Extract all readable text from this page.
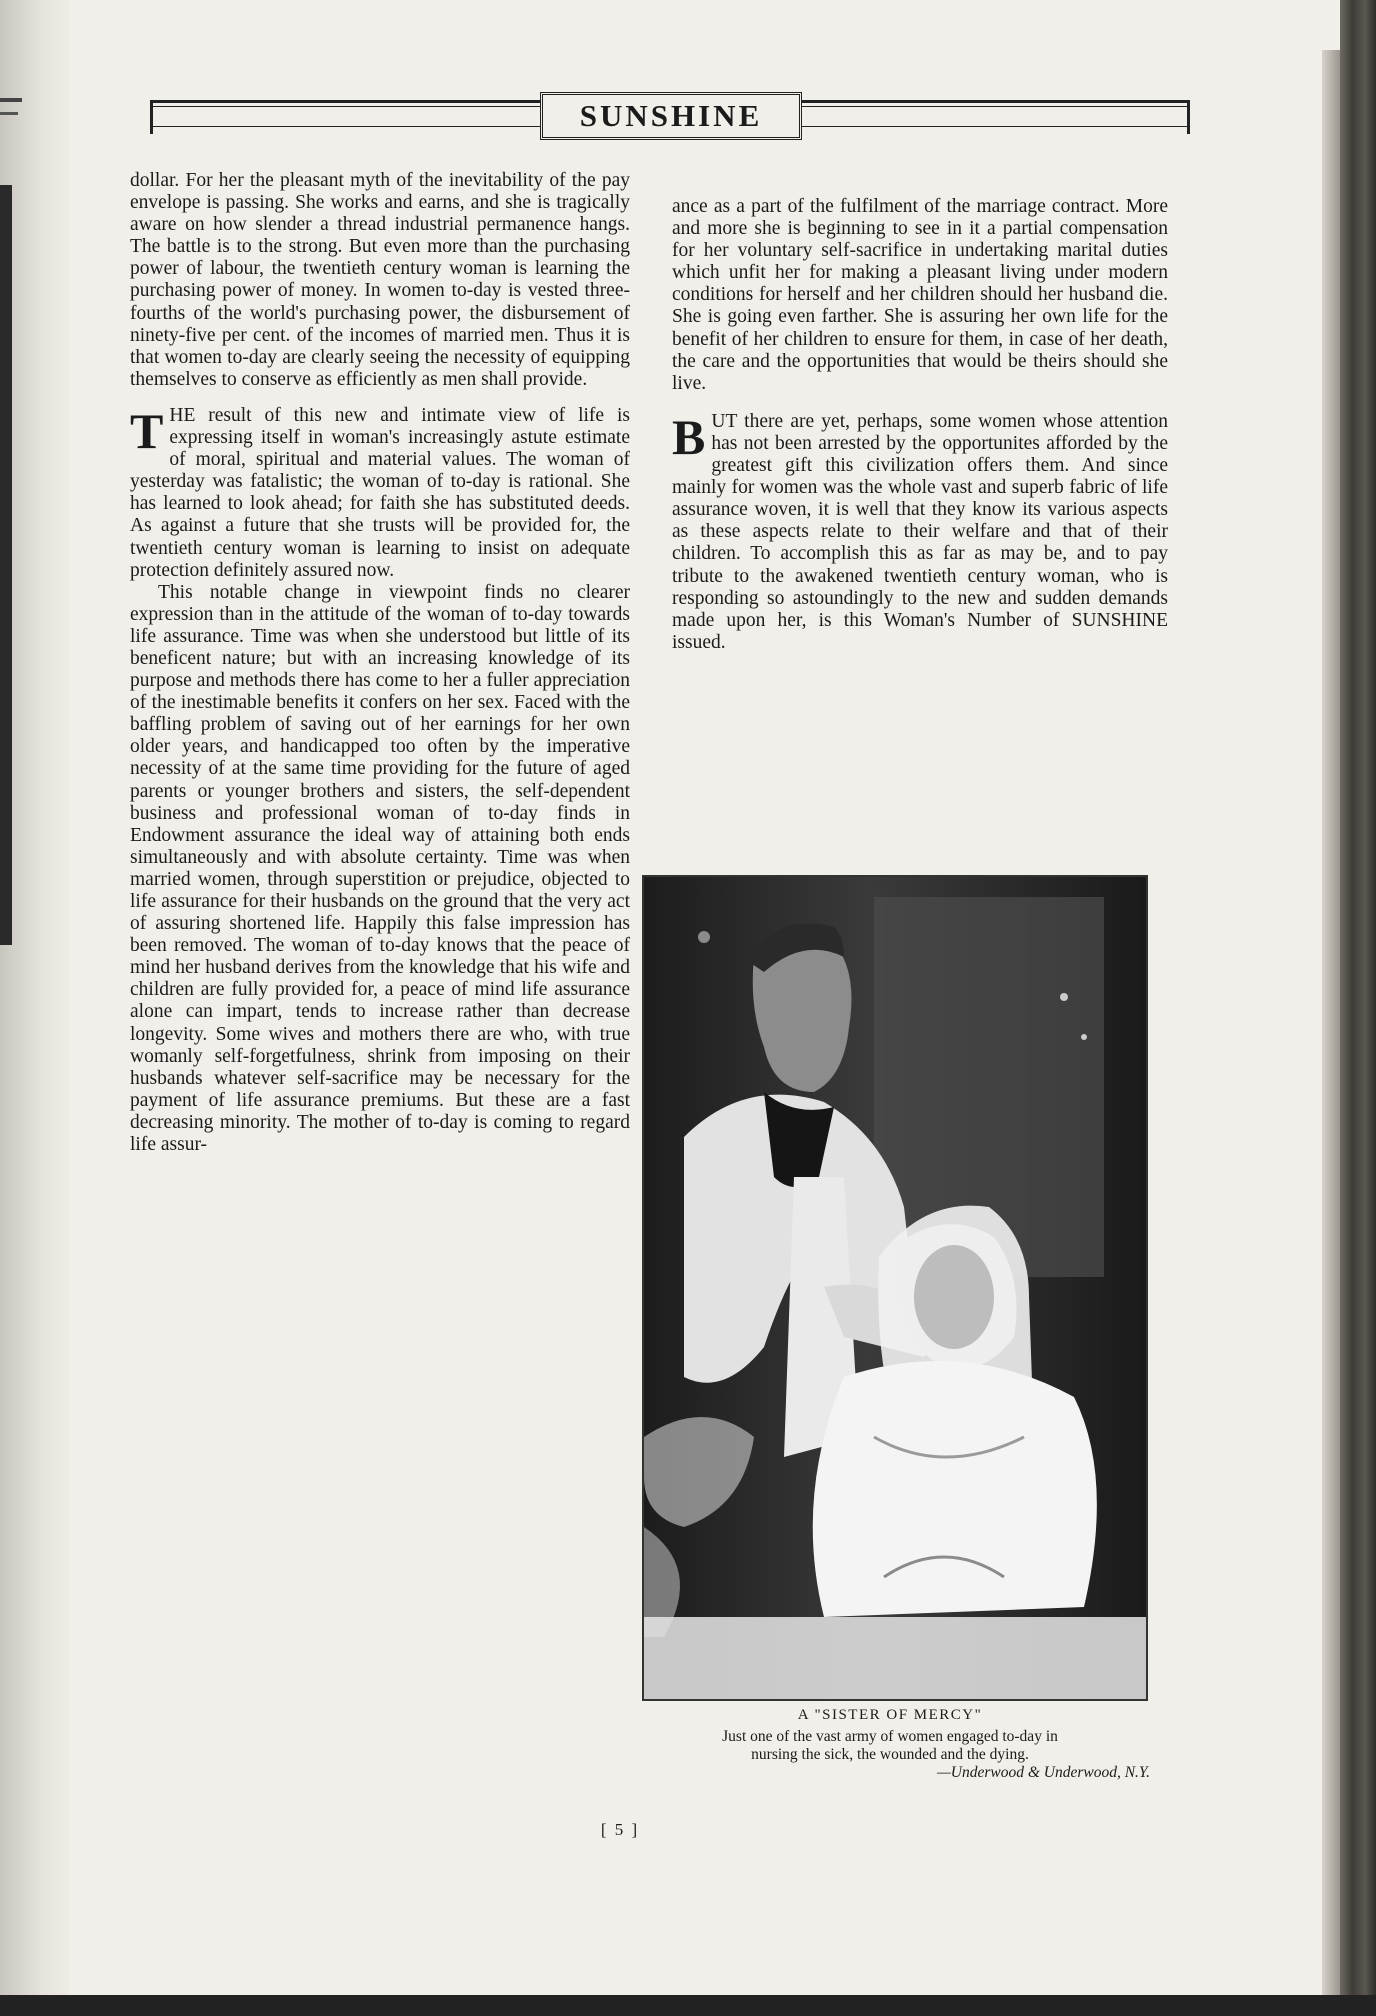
SUNSHINE

dollar. For her the pleasant myth of the inevitability of the pay envelope is passing. She works and earns, and she is tragically aware on how slender a thread industrial permanence hangs. The battle is to the strong. But even more than the purchasing power of labour, the twentieth century woman is learning the purchasing power of money. In women to-day is vested three-fourths of the world's purchasing power, the disbursement of ninety-five per cent. of the incomes of married men. Thus it is that women to-day are clearly seeing the necessity of equipping themselves to conserve as efficiently as men shall provide.

THE result of this new and intimate view of life is expressing itself in woman's increasingly astute estimate of moral, spiritual and material values. The woman of yesterday was fatalistic; the woman of to-day is rational. She has learned to look ahead; for faith she has substituted deeds. As against a future that she trusts will be provided for, the twentieth century woman is learning to insist on adequate protection definitely assured now.

This notable change in viewpoint finds no clearer expression than in the attitude of the woman of to-day towards life assurance. Time was when she understood but little of its beneficent nature; but with an increasing knowledge of its purpose and methods there has come to her a fuller appreciation of the inestimable benefits it confers on her sex. Faced with the baffling problem of saving out of her earnings for her own older years, and handicapped too often by the imperative necessity of at the same time providing for the future of aged parents or younger brothers and sisters, the self-dependent business and professional woman of to-day finds in Endowment assurance the ideal way of attaining both ends simultaneously and with absolute certainty. Time was when married women, through superstition or prejudice, objected to life assurance for their husbands on the ground that the very act of assuring shortened life. Happily this false impression has been removed. The woman of to-day knows that the peace of mind her husband derives from the knowledge that his wife and children are fully provided for, a peace of mind life assurance alone can impart, tends to increase rather than decrease longevity. Some wives and mothers there are who, with true womanly self-forgetfulness, shrink from imposing on their husbands whatever self-sacrifice may be necessary for the payment of life assurance premiums. But these are a fast decreasing minority. The mother of to-day is coming to regard life assur-

ance as a part of the fulfilment of the marriage contract. More and more she is beginning to see in it a partial compensation for her voluntary self-sacrifice in undertaking marital duties which unfit her for making a pleasant living under modern conditions for herself and her children should her husband die. She is going even farther. She is assuring her own life for the benefit of her children to ensure for them, in case of her death, the care and the opportunities that would be theirs should she live.

BUT there are yet, perhaps, some women whose attention has not been arrested by the opportunites afforded by the greatest gift this civilization offers them. And since mainly for women was the whole vast and superb fabric of life assurance woven, it is well that they know its various aspects as these aspects relate to their welfare and that of their children. To accomplish this as far as may be, and to pay tribute to the awakened twentieth century woman, who is responding so astoundingly to the new and sudden demands made upon her, is this Woman's Number of SUNSHINE issued.

A "SISTER OF MERCY"
Just one of the vast army of women engaged to-day in
nursing the sick, the wounded and the dying.
—Underwood & Underwood, N.Y.
[ 5 ]
